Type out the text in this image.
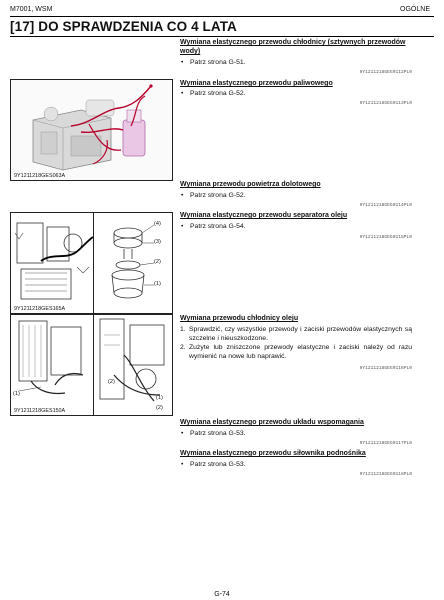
M7001, WSM	OGÓLNE
[17] DO SPRAWDZENIA CO 4 LATA
Wymiana elastycznego przewodu chłodnicy (sztywnych przewodów wody)
• Patrz strona G-51.
9Y1211218GEG0112PL0
Wymiana elastycznego przewodu paliwowego
• Patrz strona G-52.
9Y1211218GEG0113PL0
Wymiana przewodu powietrza dolotowego
• Patrz strona G-52.
9Y1211218GEG0114PL0
Wymiana elastycznego przewodu separatora oleju
• Patrz strona G-54.
9Y1211218GEG0115PL0
Wymiana przewodu chłodnicy oleju
1. Sprawdzić, czy wszystkie przewody i zaciski przewodów elastycznych są szczelne i nieuszkodzone.
2. Zużyte lub zniszczone przewody elastyczne i zaciski należy od razu wymienić na nowe lub naprawić.
9Y1211218GEG0116PL0
Wymiana elastycznego przewodu układu wspomagania
• Patrz strona G-53.
9Y1211218GEG0117PL0
Wymiana elastycznego przewodu siłownika podnośnika
• Patrz strona G-53.
9Y1211218GEG0118PL0
9Y1211218GES063A
9Y1211218GES165A
(4)
(3)
(2)
(1)
(1)
9Y1211218GES150A
(2)
(1)
(2)
G-74
